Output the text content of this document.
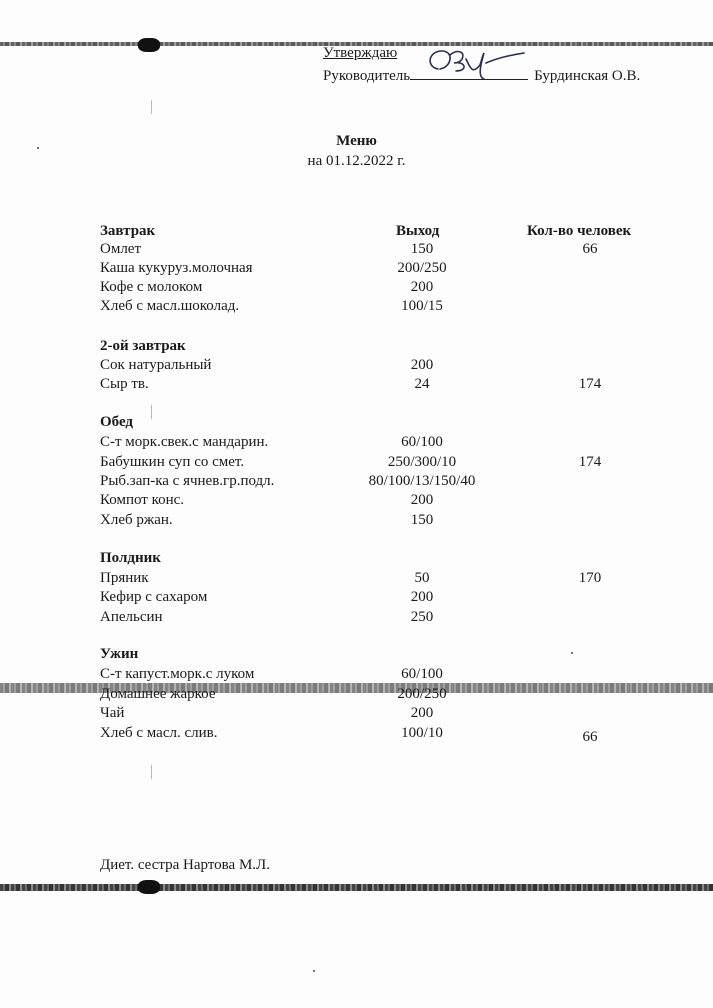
Утверждаю
Руководитель	Бурдинская О.В.
Меню
на 01.12.2022 г.
Завтрак	Выход	Кол-во человек
Омлет	150	66
Каша кукуруз.молочная	200/250
Кофе с молоком	200
Хлеб с масл.шоколад.	100/15
2-ой завтрак
Сок натуральный	200
Сыр тв.	24	174
Обед
С-т морк.свек.с мандарин.	60/100
Бабушкин суп со смет.	250/300/10	174
Рыб.зап-ка с ячнев.гр.подл.	80/100/13/150/40
Компот конс.	200
Хлеб ржан.	150
Полдник
Пряник	50	170
Кефир с сахаром	200
Апельсин	250
Ужин
С-т капуст.морк.с луком	60/100
Домашнее жаркое	200/250
Чай	200
Хлеб с масл. слив.	100/10	66
Диет. сестра Нартова М.Л.
